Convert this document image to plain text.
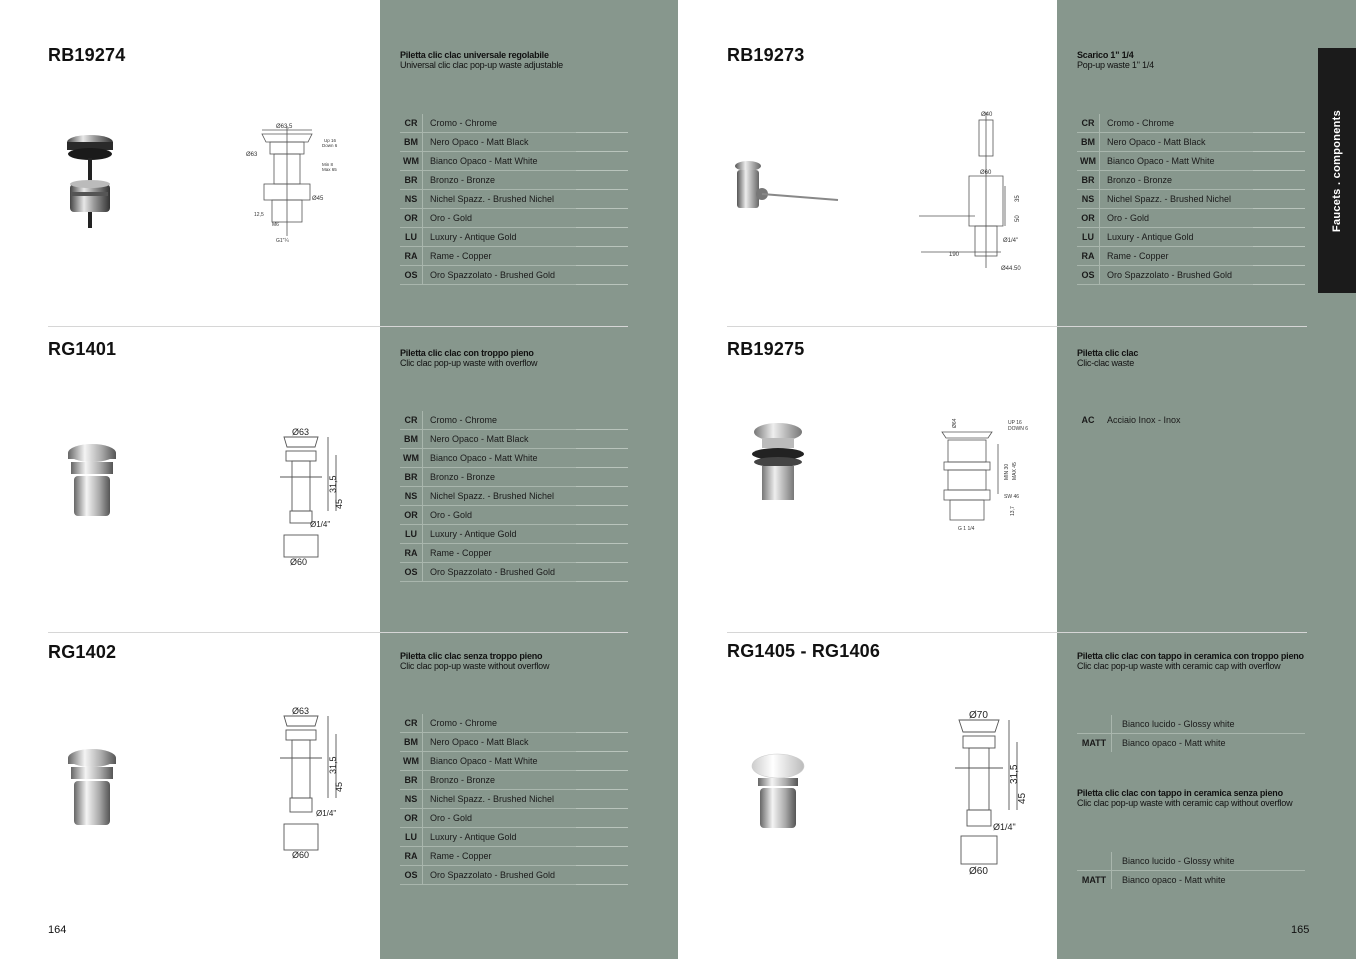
Faucets . components
RB19274	Piletta clic clac universale regolabile
Universal clic clac pop-up waste adjustable
CR	Cromo - Chrome
BM	Nero Opaco - Matt Black
WM	Bianco Opaco - Matt White
BR	Bronzo - Bronze
NS	Nichel Spazz. - Brushed Nichel
OR	Oro - Gold
LU	Luxury - Antique Gold
RA	Rame - Copper
OS	Oro Spazzolato - Brushed Gold
Ø63,5
Ø63
Ø45
Up 16
Down 6
Min 8
Max 65
12,5
M6
G1"¼
RB19273	Scarico 1" 1/4
Pop-up waste 1" 1/4
CR	Cromo - Chrome
BM	Nero Opaco - Matt Black
WM	Bianco Opaco - Matt White
BR	Bronzo - Bronze
NS	Nichel Spazz. - Brushed Nichel
OR	Oro - Gold
LU	Luxury - Antique Gold
RA	Rame - Copper
OS	Oro Spazzolato - Brushed Gold
Ø40
Ø60
35
50
Ø1/4"
190
Ø44.50
RG1401	Piletta clic clac con troppo pieno
Clic clac pop-up waste with overflow
CR	Cromo - Chrome
BM	Nero Opaco - Matt Black
WM	Bianco Opaco - Matt White
BR	Bronzo - Bronze
NS	Nichel Spazz. - Brushed Nichel
OR	Oro - Gold
LU	Luxury - Antique Gold
RA	Rame - Copper
OS	Oro Spazzolato - Brushed Gold
Ø63
31,5
45
Ø1/4"
Ø60
RB19275	Piletta clic clac
Clic-clac waste
AC	Acciaio Inox - Inox
Ø64	UP 16
DOWN 6
MIN 30 MAX 45
SW 46
13,7
G 1 1/4
RG1402	Piletta clic clac senza troppo pieno
Clic clac pop-up waste without overflow
CR	Cromo - Chrome
BM	Nero Opaco - Matt Black
WM	Bianco Opaco - Matt White
BR	Bronzo - Bronze
NS	Nichel Spazz. - Brushed Nichel
OR	Oro - Gold
LU	Luxury - Antique Gold
RA	Rame - Copper
OS	Oro Spazzolato - Brushed Gold
Ø63
31,5
45
Ø1/4"
Ø60
RG1405 - RG1406	Piletta clic clac con tappo in ceramica con troppo pieno
Clic clac pop-up waste with ceramic cap with overflow
Bianco lucido - Glossy white
MATT	Bianco opaco - Matt white
Piletta clic clac con tappo in ceramica senza pieno
Clic clac pop-up waste with ceramic cap without overflow
Bianco lucido - Glossy white
MATT	Bianco opaco - Matt white
Ø70
31,5
45
Ø1/4"
Ø60
164	165
